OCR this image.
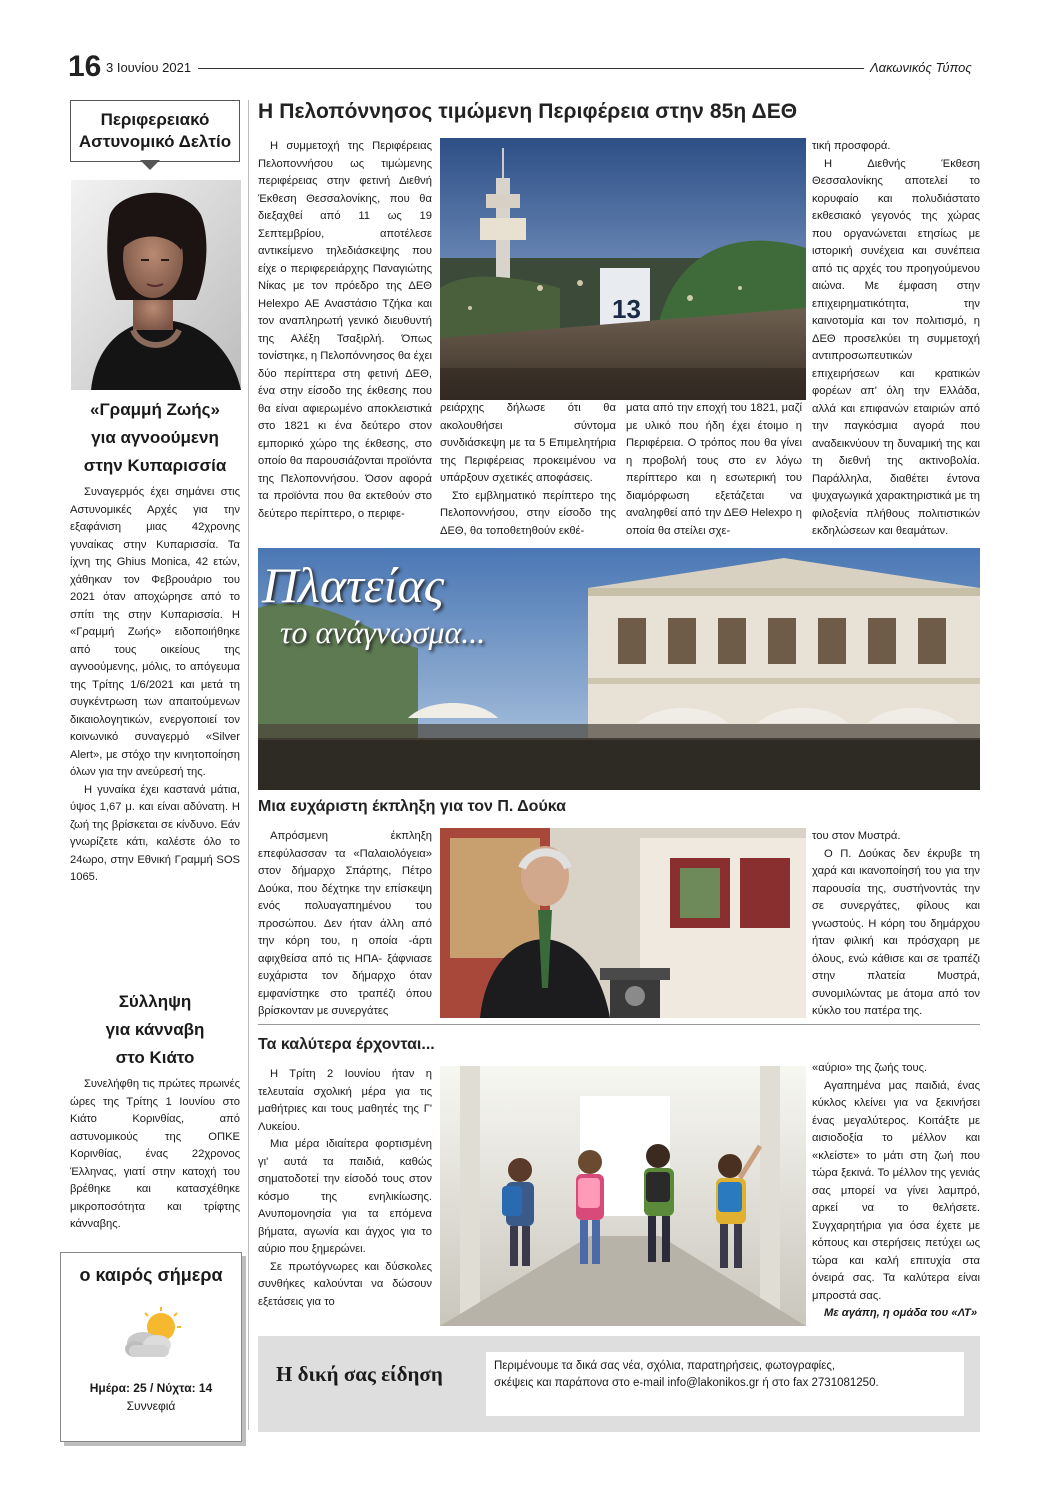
16 3 Ιουνίου 2021	Λακωνικός Τύπος
Περιφερειακό
Αστυνομικό Δελτίο
«Γραμμή Ζωής»
για αγνοούμενη
στην Κυπαρισσία

Συναγερμός έχει σημάνει στις Αστυνομικές Αρχές για την εξαφάνιση μιας 42χρονης γυναίκας στην Κυπαρισσία. Τα ίχνη της Ghius Monica, 42 ετών, χάθηκαν τον Φεβρουάριο του 2021 όταν αποχώρησε από το σπίτι της στην Κυπαρισσία. Η «Γραμμή Ζωής» ειδοποιήθηκε από τους οικείους της αγνοούμενης, μόλις, το απόγευμα της Τρίτης 1/6/2021 και μετά τη συγκέντρωση των απαιτούμενων δικαιολογητικών, ενεργοποιεί τον κοινωνικό συναγερμό «Silver Alert», με στόχο την κινητοποίηση όλων για την ανεύρεσή της.

Η γυναίκα έχει καστανά μάτια, ύψος 1,67 μ. και είναι αδύνατη. Η ζωή της βρίσκεται σε κίνδυνο. Εάν γνωρίζετε κάτι, καλέστε όλο το 24ωρο, στην Εθνική Γραμμή SOS 1065.

Σύλληψη
για κάνναβη
στο Κιάτο

Συνελήφθη τις πρώτες πρωινές ώρες της Τρίτης 1 Ιουνίου στο Κιάτο Κορινθίας, από αστυνομικούς της ΟΠΚΕ Κορινθίας, ένας 22χρονος Έλληνας, γιατί στην κατοχή του βρέθηκε και κατασχέθηκε μικροποσότητα και τρίφτης κάνναβης.

ο καιρός σήμερα
Ημέρα: 25 / Νύχτα: 14
Συννεφιά
Η Πελοπόννησος τιμώμενη Περιφέρεια στην 85η ΔΕΘ

Η συμμετοχή της Περιφέρειας Πελοποννήσου ως τιμώμενης περιφέρειας στην φετινή Διεθνή Έκθεση Θεσσαλονίκης, που θα διεξαχθεί από 11 ως 19 Σεπτεμβρίου, αποτέλεσε αντικείμενο τηλεδιάσκεψης που είχε ο περιφερειάρχης Παναγιώτης Νίκας με τον πρόεδρο της ΔΕΘ Helexpo ΑΕ Αναστάσιο Τζήκα και τον αναπληρωτή γενικό διευθυντή της Αλέξη Τσαξιρλή. Όπως τονίστηκε, η Πελοπόννησος θα έχει δύο περίπτερα στη φετινή ΔΕΘ, ένα στην είσοδο της έκθεσης που θα είναι αφιερωμένο αποκλειστικά στο 1821 κι ένα δεύτερο στον εμπορικό χώρο της έκθεσης, στο οποίο θα παρουσιάζονται προϊόντα της Πελοποννήσου. Όσον αφορά τα προϊόντα που θα εκτεθούν στο δεύτερο περίπτερο, ο περιφε-

13

ρειάρχης δήλωσε ότι θα ακολουθήσει σύντομα συνδιάσκεψη με τα 5 Επιμελητήρια της Περιφέρειας προκειμένου να υπάρξουν σχετικές αποφάσεις.

Στο εμβληματικό περίπτερο της Πελοποννήσου, στην είσοδο της ΔΕΘ, θα τοποθετηθούν εκθέ-

ματα από την εποχή του 1821, μαζί με υλικό που ήδη έχει έτοιμο η Περιφέρεια. Ο τρόπος που θα γίνει η προβολή τους στο εν λόγω περίπτερο και η εσωτερική του διαμόρφωση εξετάζεται να αναληφθεί από την ΔΕΘ Helexpo η οποία θα στείλει σχε-

τική προσφορά.

Η Διεθνής Έκθεση Θεσσαλονίκης αποτελεί το κορυφαίο και πολυδιάστατο εκθεσιακό γεγονός της χώρας που οργανώνεται ετησίως με ιστορική συνέχεια και συνέπεια από τις αρχές του προηγούμενου αιώνα. Με έμφαση στην επιχειρηματικότητα, την καινοτομία και τον πολιτισμό, η ΔΕΘ προσελκύει τη συμμετοχή αντιπροσωπευτικών επιχειρήσεων και κρατικών φορέων απ' όλη την Ελλάδα, αλλά και επιφανών εταιριών από την παγκόσμια αγορά που αναδεικνύουν τη δυναμική της και τη διεθνή της ακτινοβολία. Παράλληλα, διαθέτει έντονα ψυχαγωγικά χαρακτηριστικά με τη φιλοξενία πλήθους πολιτιστικών εκδηλώσεων και θεαμάτων.

Πλατείας
το ανάγνωσμα...
Μια ευχάριστη έκπληξη για τον Π. Δούκα

Απρόσμενη έκπληξη επεφύλασσαν τα «Παλαιολόγεια» στον δήμαρχο Σπάρτης, Πέτρο Δούκα, που δέχτηκε την επίσκεψη ενός πολυαγαπημένου του προσώπου. Δεν ήταν άλλη από την κόρη του, η οποία -άρτι αφιχθείσα από τις ΗΠΑ- ξάφνιασε ευχάριστα τον δήμαρχο όταν εμφανίστηκε στο τραπέζι όπου βρίσκονταν με συνεργάτες

του στον Μυστρά.

Ο Π. Δούκας δεν έκρυβε τη χαρά και ικανοποίησή του για την παρουσία της, συστήνοντάς την σε συνεργάτες, φίλους και γνωστούς. Η κόρη του δημάρχου ήταν φιλική και πρόσχαρη με όλους, ενώ κάθισε και σε τραπέζι στην πλατεία Μυστρά, συνομιλώντας με άτομα από τον κύκλο του πατέρα της.

Τα καλύτερα έρχονται...

Η Τρίτη 2 Ιουνίου ήταν η τελευταία σχολική μέρα για τις μαθήτριες και τους μαθητές της Γ' Λυκείου.

Μια μέρα ιδιαίτερα φορτισμένη γι' αυτά τα παιδιά, καθώς σηματοδοτεί την είσοδό τους στον κόσμο της ενηλικίωσης. Ανυπομονησία για τα επόμενα βήματα, αγωνία και άγχος για το αύριο που ξημερώνει.

Σε πρωτόγνωρες και δύσκολες συνθήκες καλούνται να δώσουν εξετάσεις για το

«αύριο» της ζωής τους.

Αγαπημένα μας παιδιά, ένας κύκλος κλείνει για να ξεκινήσει ένας μεγαλύτερος. Κοιτάξτε με αισιοδοξία το μέλλον και «κλείστε» το μάτι στη ζωή που τώρα ξεκινά. Το μέλλον της γενιάς σας μπορεί να γίνει λαμπρό, αρκεί να το θελήσετε. Συγχαρητήρια για όσα έχετε με κόπους και στερήσεις πετύχει ως τώρα και καλή επιτυχία στα όνειρά σας. Τα καλύτερα είναι μπροστά σας.

Με αγάπη, η ομάδα του «ΛΤ»

Η δική σας είδηση	Περιμένουμε τα δικά σας νέα, σχόλια, παρατηρήσεις, φωτογραφίες,
σκέψεις και παράπονα στο e-mail info@lakonikos.gr ή στο fax 2731081250.
